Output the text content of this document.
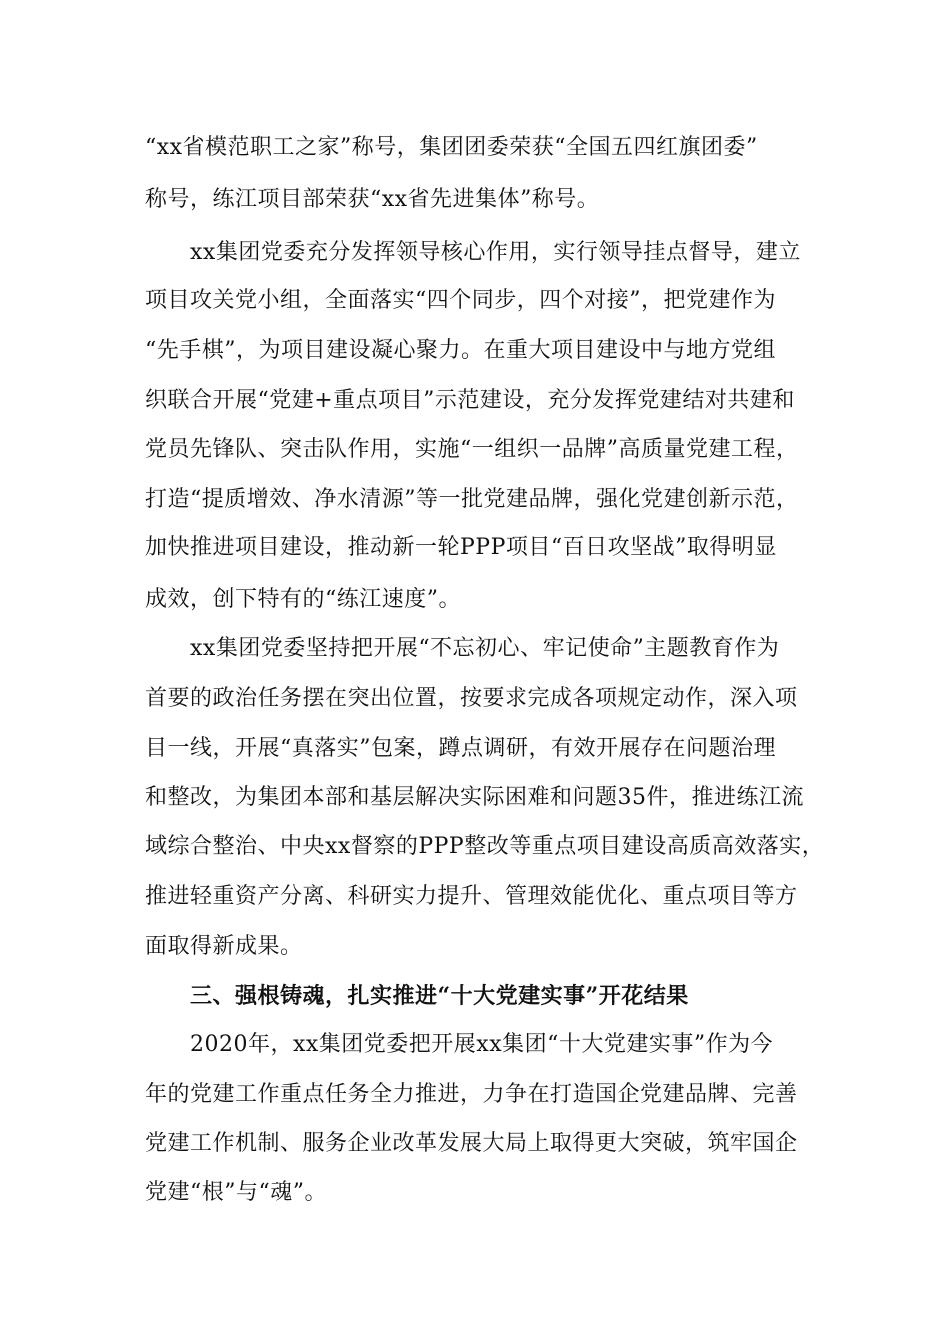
“xx省模范职工之家”称号，集团团委荣获“全国五四红旗团委”
称号，练江项目部荣获“xx省先进集体”称号。
xx集团党委充分发挥领导核心作用，实行领导挂点督导，建立
项目攻关党小组，全面落实“四个同步，四个对接”，把党建作为
“先手棋”，为项目建设凝心聚力。在重大项目建设中与地方党组
织联合开展“党建+重点项目”示范建设，充分发挥党建结对共建和
党员先锋队、突击队作用，实施“一组织一品牌”高质量党建工程，
打造“提质增效、净水清源”等一批党建品牌，强化党建创新示范，
加快推进项目建设，推动新一轮PPP项目“百日攻坚战”取得明显
成效，创下特有的“练江速度”。
xx集团党委坚持把开展“不忘初心、牢记使命”主题教育作为
首要的政治任务摆在突出位置，按要求完成各项规定动作，深入项
目一线，开展“真落实”包案，蹲点调研，有效开展存在问题治理
和整改，为集团本部和基层解决实际困难和问题35件，推进练江流
域综合整治、中央xx督察的PPP整改等重点项目建设高质高效落实，
推进轻重资产分离、科研实力提升、管理效能优化、重点项目等方
面取得新成果。
三、强根铸魂，扎实推进“十大党建实事”开花结果
2020年，xx集团党委把开展xx集团“十大党建实事”作为今
年的党建工作重点任务全力推进，力争在打造国企党建品牌、完善
党建工作机制、服务企业改革发展大局上取得更大突破，筑牢国企
党建“根”与“魂”。
